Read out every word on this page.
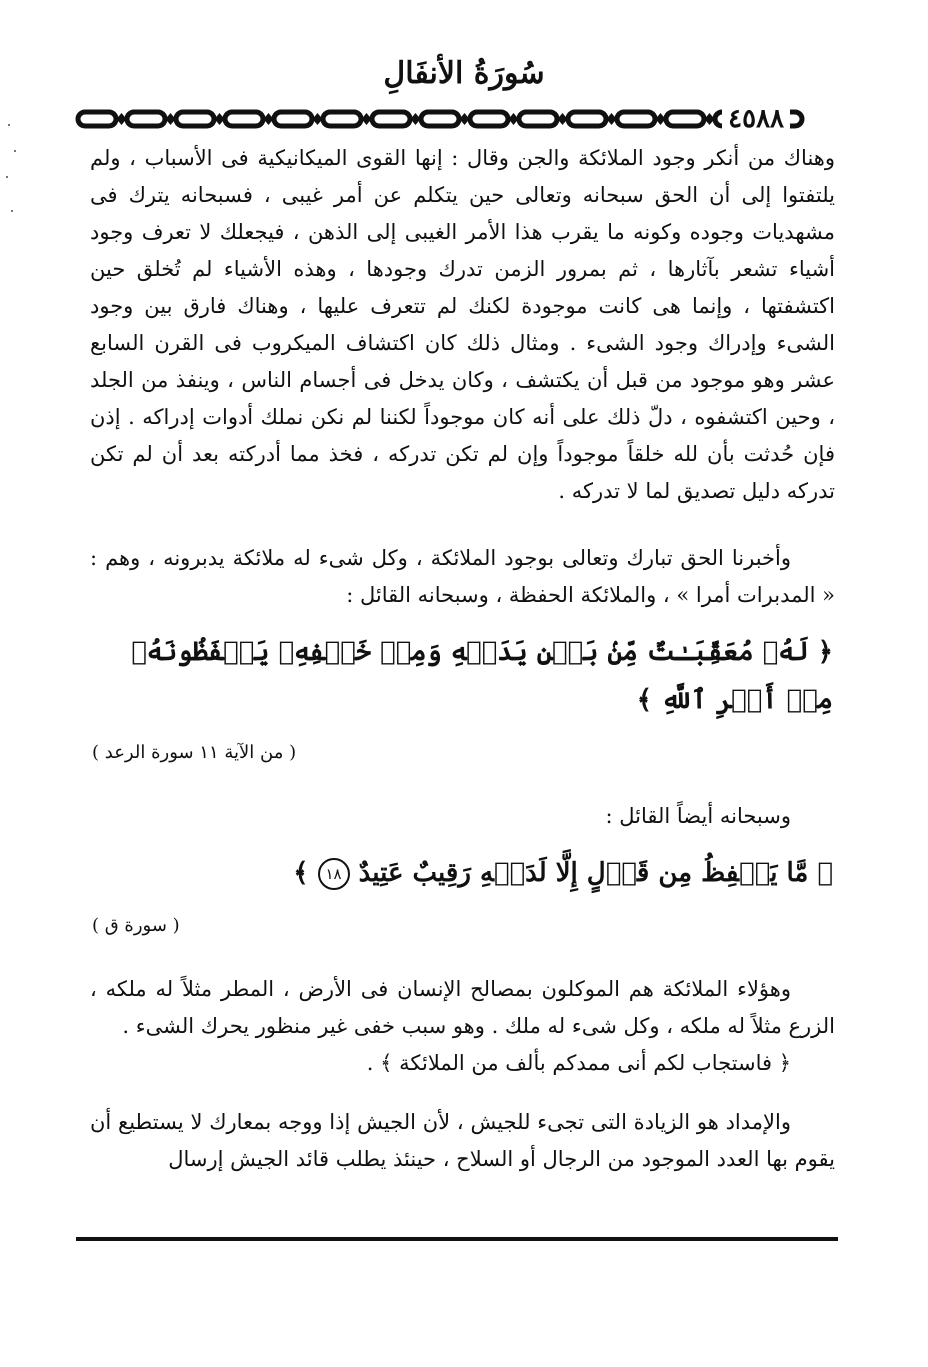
سُورَةُ الأنفَالِ
٤٥٨٨

وهناك من أنكر وجود الملائكة والجن وقال : إنها القوى الميكانيكية فى الأسباب ، ولم يلتفتوا إلى أن الحق سبحانه وتعالى حين يتكلم عن أمر غيبى ، فسبحانه يترك فى مشهديات وجوده وكونه ما يقرب هذا الأمر الغيبى إلى الذهن ، فيجعلك لا تعرف وجود أشياء تشعر بآثارها ، ثم بمرور الزمن تدرك وجودها ، وهذه الأشياء لم تُخلق حين اكتشفتها ، وإنما هى كانت موجودة لكنك لم تتعرف عليها ، وهناك فارق بين وجود الشىء وإدراك وجود الشىء . ومثال ذلك كان اكتشاف الميكروب فى القرن السابع عشر وهو موجود من قبل أن يكتشف ، وكان يدخل فى أجسام الناس ، وينفذ من الجلد ، وحين اكتشفوه ، دلّ ذلك على أنه كان موجوداً لكننا لم نكن نملك أدوات إدراكه . إذن فإن حُدثت بأن لله خلقاً موجوداً وإن لم تكن تدركه ، فخذ مما أدركته بعد أن لم تكن تدركه دليل تصديق لما لا تدركه .

وأخبرنا الحق تبارك وتعالى بوجود الملائكة ، وكل شىء له ملائكة يدبرونه ، وهم : « المدبرات أمرا » ، والملائكة الحفظة ، وسبحانه القائل :

﴿ لَهُۥ مُعَقِّبَـٰتٌ مِّنۢ بَيۡنِ يَدَيۡهِ وَمِنۡ خَلۡفِهِۦ يَحۡفَظُونَهُۥ مِنۡ أَمۡرِ ٱللَّهِ ﴾

( من الآية ١١ سورة الرعد )

وسبحانه أيضاً القائل :

﴿ مَّا يَلۡفِظُ مِن قَوۡلٍ إِلَّا لَدَيۡهِ رَقِيبٌ عَتِيدٌ ١٨ ﴾

( سورة ق )

وهؤلاء الملائكة هم الموكلون بمصالح الإنسان فى الأرض ، المطر مثلاً له ملكه ، الزرع مثلاً له ملكه ، وكل شىء له ملك . وهو سبب خفى غير منظور يحرك الشىء .

﴿ فاستجاب لكم أنى ممدكم بألف من الملائكة ﴾ .

والإمداد هو الزيادة التى تجىء للجيش ، لأن الجيش إذا ووجه بمعارك لا يستطيع أن يقوم بها العدد الموجود من الرجال أو السلاح ، حينئذ يطلب قائد الجيش إرسال
